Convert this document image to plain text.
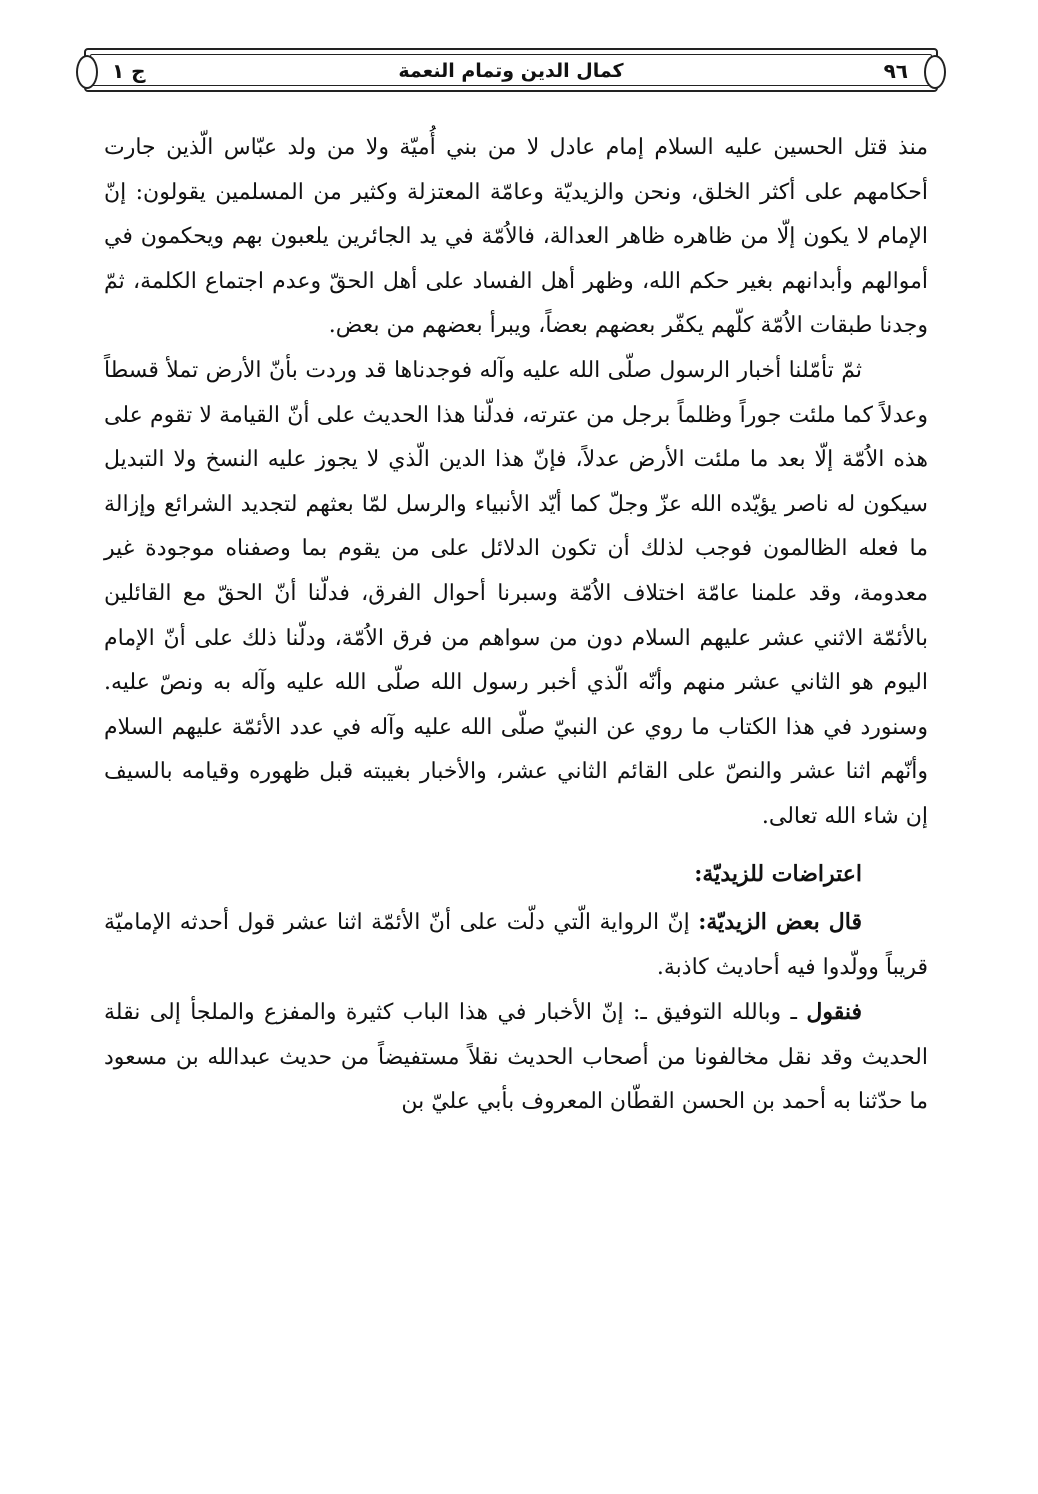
٩٦
كمال الدين وتمام النعمة
ج ١

منذ قتل الحسين عليه السلام إمام عادل لا من بني أُميّة ولا من ولد عبّاس الّذين جارت أحكامهم على أكثر الخلق، ونحن والزيديّة وعامّة المعتزلة وكثير من المسلمين يقولون: إنّ الإمام لا يكون إلّا من ظاهره ظاهر العدالة، فالاُمّة في يد الجائرين يلعبون بهم ويحكمون في أموالهم وأبدانهم بغير حكم الله، وظهر أهل الفساد على أهل الحقّ وعدم اجتماع الكلمة، ثمّ وجدنا طبقات الاُمّة كلّهم يكفّر بعضهم بعضاً، ويبرأ بعضهم من بعض.

ثمّ تأمّلنا أخبار الرسول صلّى الله عليه وآله فوجدناها قد وردت بأنّ الأرض تملأ قسطاً وعدلاً كما ملئت جوراً وظلماً برجل من عترته، فدلّنا هذا الحديث على أنّ القيامة لا تقوم على هذه الاُمّة إلّا بعد ما ملئت الأرض عدلاً، فإنّ هذا الدين الّذي لا يجوز عليه النسخ ولا التبديل سيكون له ناصر يؤيّده الله عزّ وجلّ كما أيّد الأنبياء والرسل لمّا بعثهم لتجديد الشرائع وإزالة ما فعله الظالمون فوجب لذلك أن تكون الدلائل على من يقوم بما وصفناه موجودة غير معدومة، وقد علمنا عامّة اختلاف الاُمّة وسبرنا أحوال الفرق، فدلّنا أنّ الحقّ مع القائلين بالأئمّة الاثني عشر عليهم السلام دون من سواهم من فرق الاُمّة، ودلّنا ذلك على أنّ الإمام اليوم هو الثاني عشر منهم وأنّه الّذي أخبر رسول الله صلّى الله عليه وآله به ونصّ عليه. وسنورد في هذا الكتاب ما روي عن النبيّ صلّى الله عليه وآله في عدد الأئمّة عليهم السلام وأنّهم اثنا عشر والنصّ على القائم الثاني عشر، والأخبار بغيبته قبل ظهوره وقيامه بالسيف إن شاء الله تعالى.

اعتراضات للزيديّة:

قال بعض الزيديّة: إنّ الرواية الّتي دلّت على أنّ الأئمّة اثنا عشر قول أحدثه الإماميّة قريباً وولّدوا فيه أحاديث كاذبة.

فنقول ـ وبالله التوفيق ـ: إنّ الأخبار في هذا الباب كثيرة والمفزع والملجأ إلى نقلة الحديث وقد نقل مخالفونا من أصحاب الحديث نقلاً مستفيضاً من حديث عبدالله بن مسعود ما حدّثنا به أحمد بن الحسن القطّان المعروف بأبي عليّ بن
